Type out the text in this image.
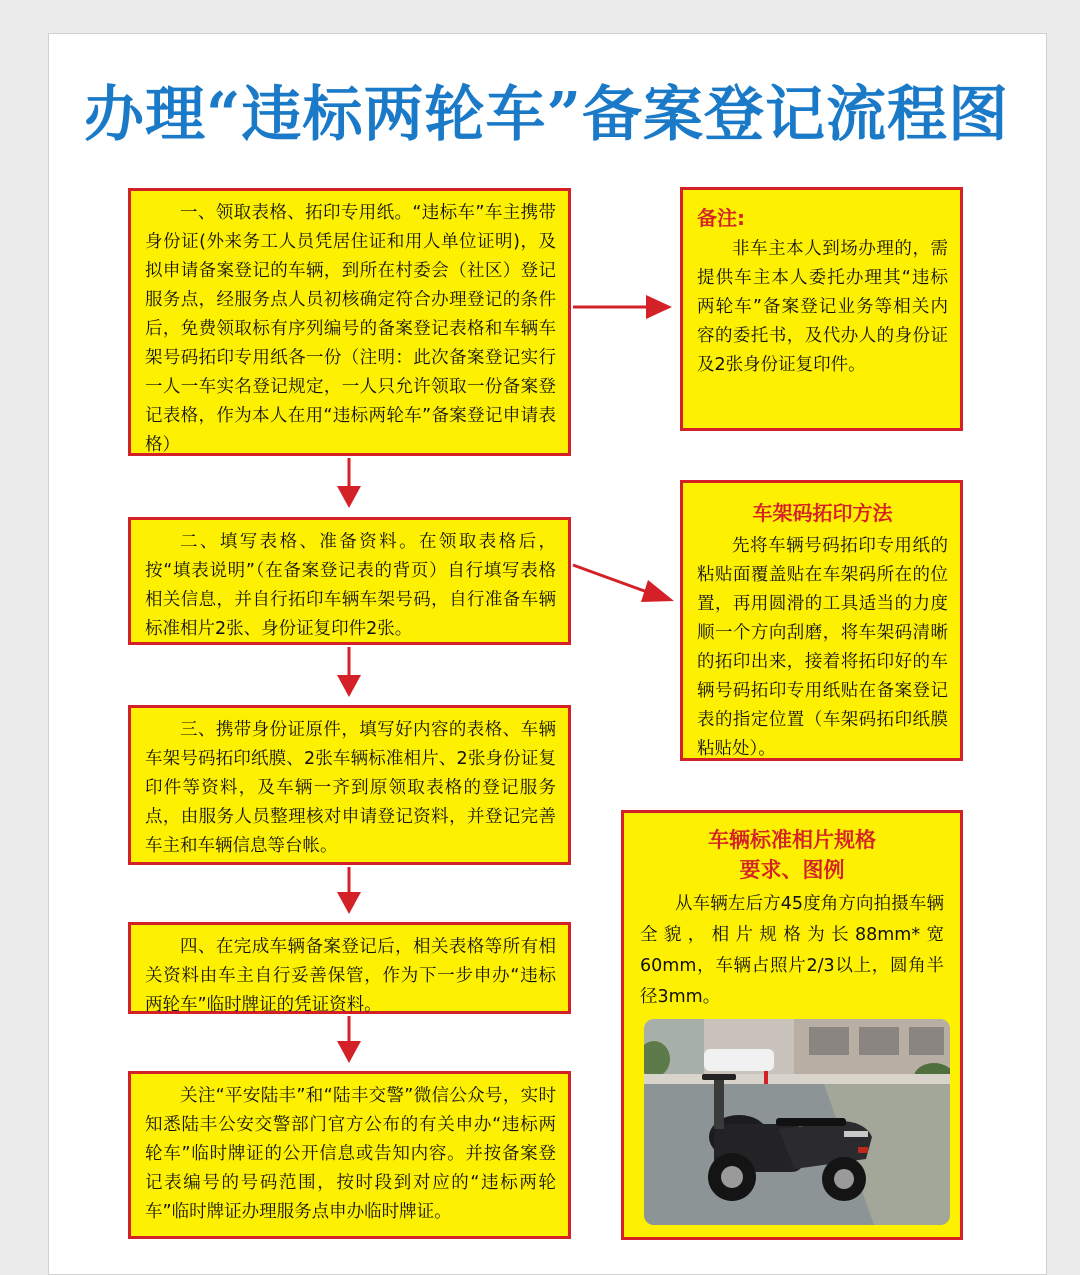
办理“违标两轮车”备案登记流程图

一、领取表格、拓印专用纸。“违标车”车主携带身份证(外来务工人员凭居住证和用人单位证明)，及拟申请备案登记的车辆，到所在村委会（社区）登记服务点，经服务点人员初核确定符合办理登记的条件后，免费领取标有序列编号的备案登记表格和车辆车架号码拓印专用纸各一份（注明：此次备案登记实行一人一车实名登记规定，一人只允许领取一份备案登记表格，作为本人在用“违标两轮车”备案登记申请表格）

二、填写表格、准备资料。在领取表格后，按“填表说明”（在备案登记表的背页）自行填写表格相关信息，并自行拓印车辆车架号码，自行准备车辆标准相片2张、身份证复印件2张。

三、携带身份证原件，填写好内容的表格、车辆车架号码拓印纸膜、2张车辆标准相片、2张身份证复印件等资料，及车辆一齐到原领取表格的登记服务点，由服务人员整理核对申请登记资料，并登记完善车主和车辆信息等台帐。

四、在完成车辆备案登记后，相关表格等所有相关资料由车主自行妥善保管，作为下一步申办“违标两轮车”临时牌证的凭证资料。

关注“平安陆丰”和“陆丰交警”微信公众号，实时知悉陆丰公安交警部门官方公布的有关申办“违标两轮车”临时牌证的公开信息或告知内容。并按备案登记表编号的号码范围，按时段到对应的“违标两轮车”临时牌证办理服务点申办临时牌证。

备注:

非车主本人到场办理的，需提供车主本人委托办理其“违标两轮车”备案登记业务等相关内容的委托书，及代办人的身份证及2张身份证复印件。

车架码拓印方法

先将车辆号码拓印专用纸的粘贴面覆盖贴在车架码所在的位置，再用圆滑的工具适当的力度顺一个方向刮磨，将车架码清晰的拓印出来，接着将拓印好的车辆号码拓印专用纸贴在备案登记表的指定位置（车架码拓印纸膜粘贴处）。

车辆标准相片规格
要求、图例

从车辆左后方45度角方向拍摄车辆全貌，相片规格为长88mm*宽60mm，车辆占照片2/3以上，圆角半径3mm。
